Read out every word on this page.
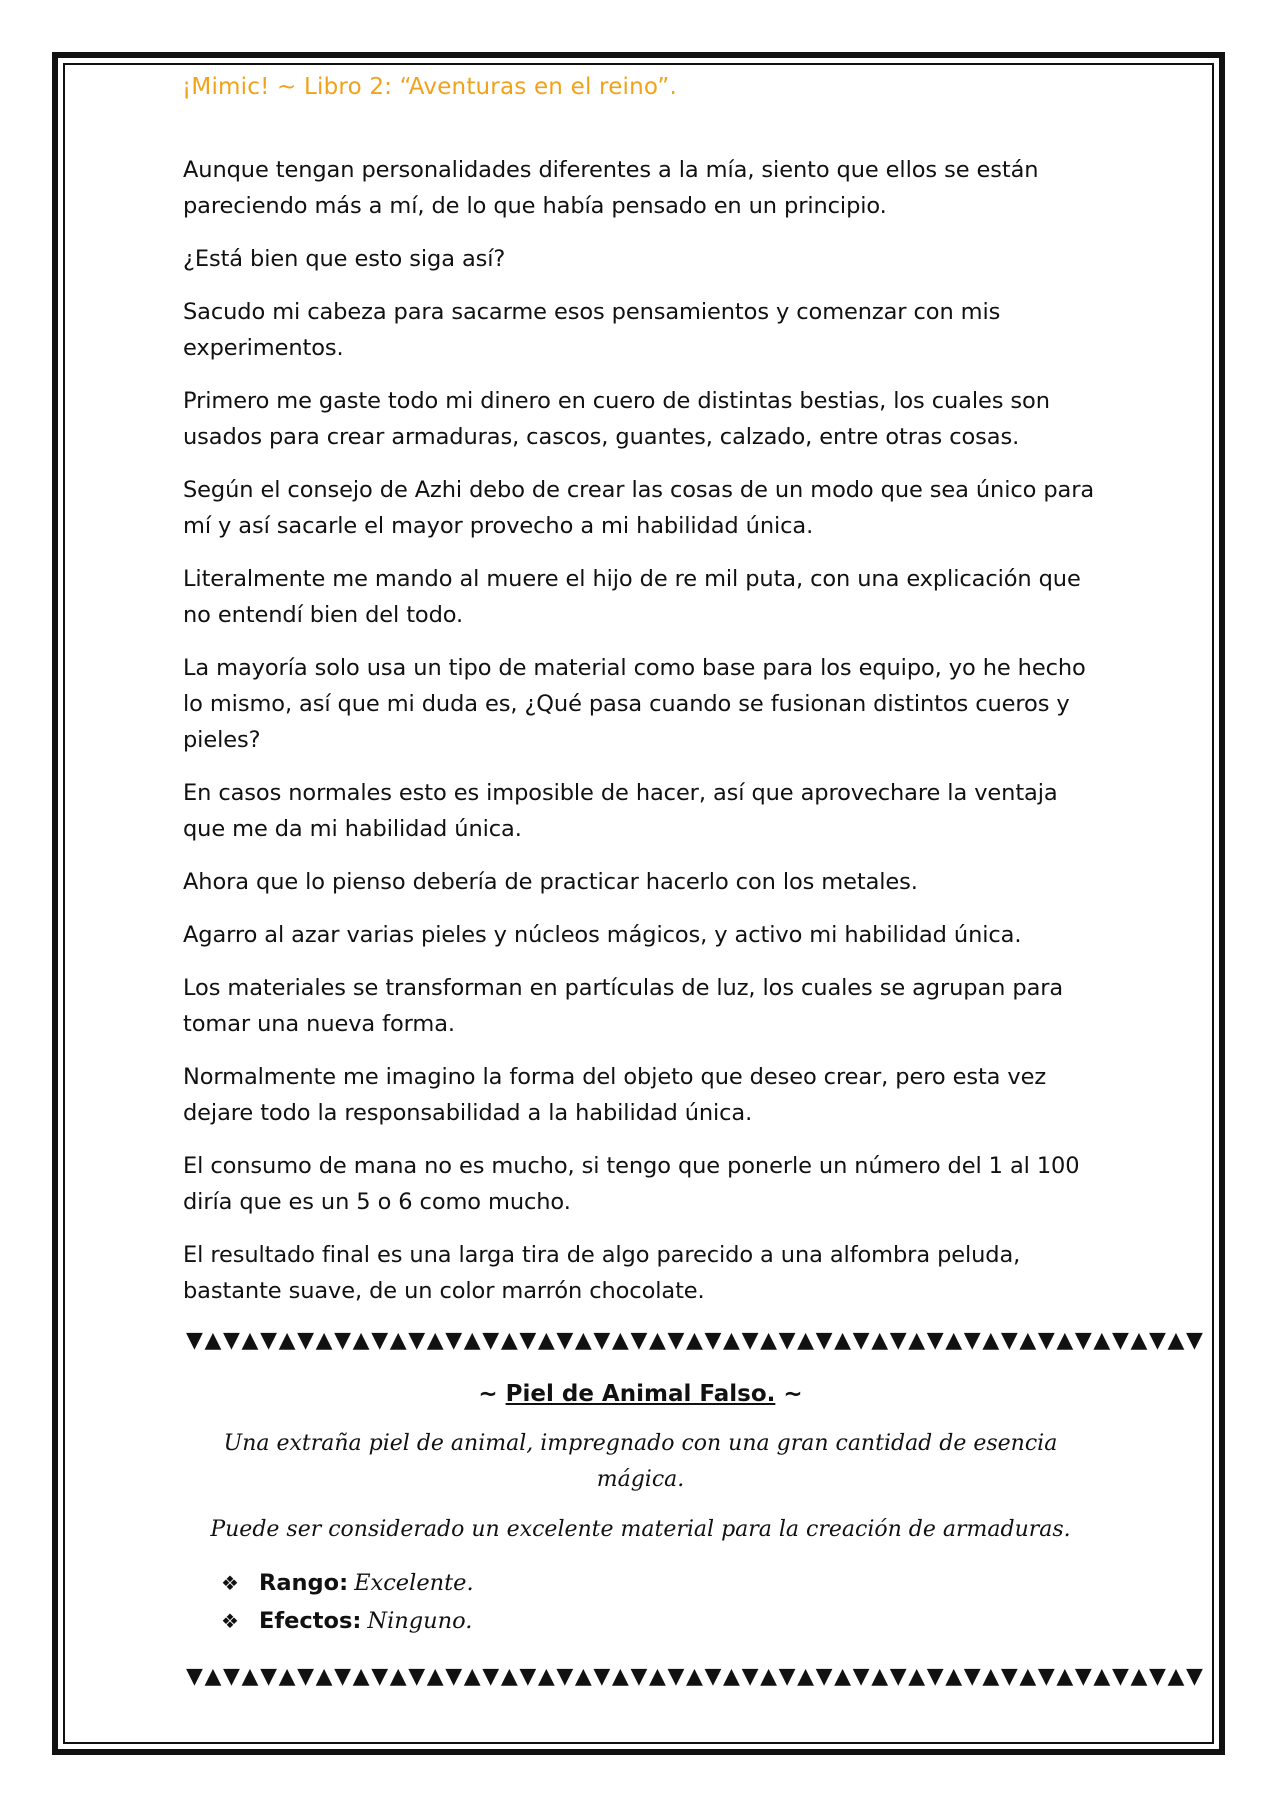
¡Mimic! ~ Libro 2: “Aventuras en el reino”.

Aunque tengan personalidades diferentes a la mía, siento que ellos se están pareciendo más a mí, de lo que había pensado en un principio.

¿Está bien que esto siga así?

Sacudo mi cabeza para sacarme esos pensamientos y comenzar con mis experimentos.

Primero me gaste todo mi dinero en cuero de distintas bestias, los cuales son usados para crear armaduras, cascos, guantes, calzado, entre otras cosas.

Según el consejo de Azhi debo de crear las cosas de un modo que sea único para mí y así sacarle el mayor provecho a mi habilidad única.

Literalmente me mando al muere el hijo de re mil puta, con una explicación que no entendí bien del todo.

La mayoría solo usa un tipo de material como base para los equipo, yo he hecho lo mismo, así que mi duda es, ¿Qué pasa cuando se fusionan distintos cueros y pieles?

En casos normales esto es imposible de hacer, así que aprovechare la ventaja que me da mi habilidad única.

Ahora que lo pienso debería de practicar hacerlo con los metales.

Agarro al azar varias pieles y núcleos mágicos, y activo mi habilidad única.

Los materiales se transforman en partículas de luz, los cuales se agrupan para tomar una nueva forma.

Normalmente me imagino la forma del objeto que deseo crear, pero esta vez dejare todo la responsabilidad a la habilidad única.

El consumo de mana no es mucho, si tengo que ponerle un número del 1 al 100 diría que es un 5 o 6 como mucho.

El resultado final es una larga tira de algo parecido a una alfombra peluda, bastante suave, de un color marrón chocolate.

▼▲▼▲▼▲▼▲▼▲▼▲▼▲▼▲▼▲▼▲▼▲▼▲▼▲▼▲▼▲▼▲▼▲▼▲▼▲▼▲▼▲▼▲▼▲▼▲▼▲▼▲▼▲▼
~ Piel de Animal Falso. ~

Una extraña piel de animal, impregnado con una gran cantidad de esencia mágica.

Puede ser considerado un excelente material para la creación de armaduras.

❖ Rango: Excelente.
❖ Efectos: Ninguno.
▼▲▼▲▼▲▼▲▼▲▼▲▼▲▼▲▼▲▼▲▼▲▼▲▼▲▼▲▼▲▼▲▼▲▼▲▼▲▼▲▼▲▼▲▼▲▼▲▼▲▼▲▼▲▼
